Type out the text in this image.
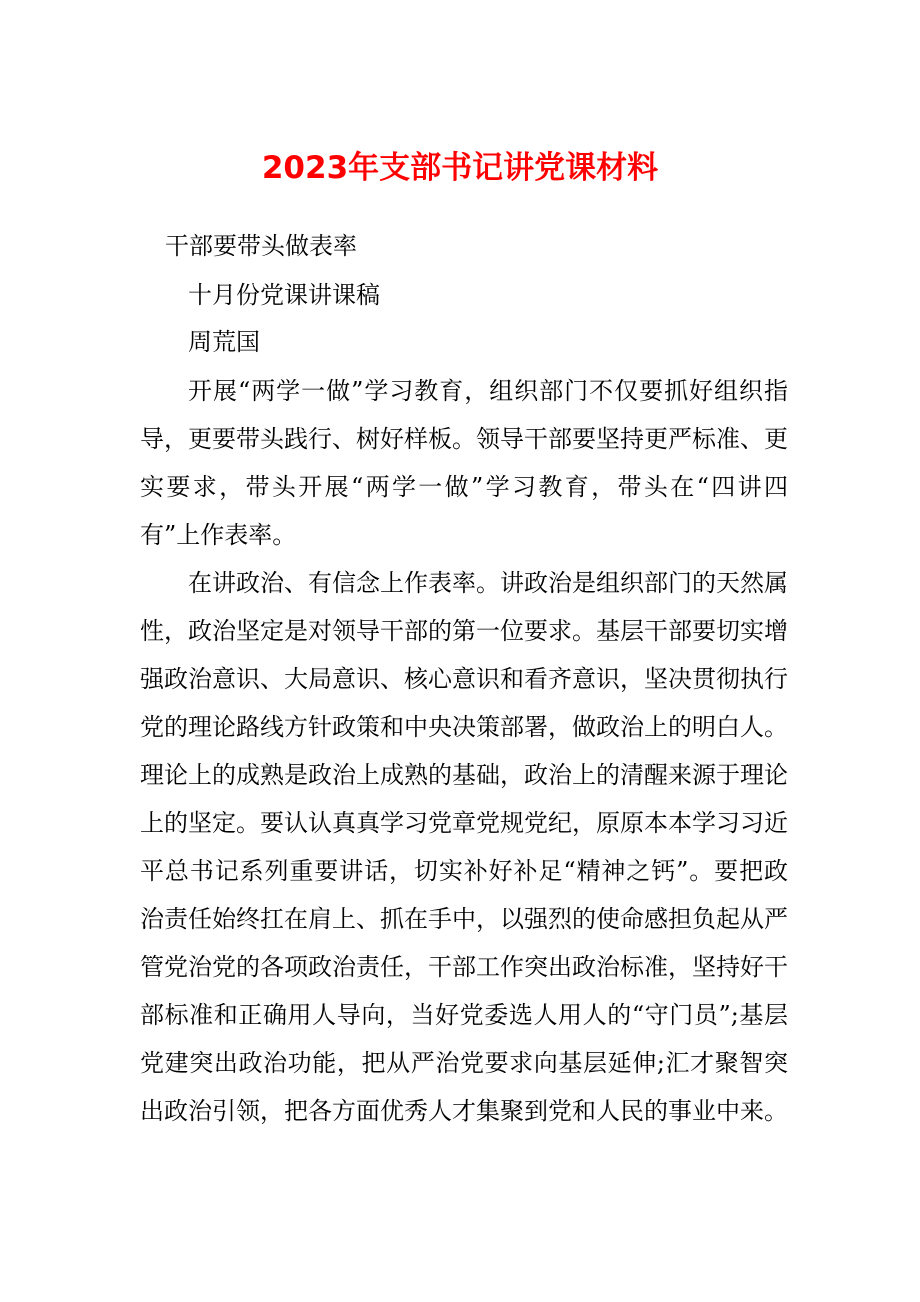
2023年支部书记讲党课材料

干部要带头做表率

十月份党课讲课稿

周荒国

开展“两学一做”学习教育，组织部门不仅要抓好组织指导，更要带头践行、树好样板。领导干部要坚持更严标准、更实要求，带头开展“两学一做”学习教育，带头在“四讲四有”上作表率。

在讲政治、有信念上作表率。讲政治是组织部门的天然属性，政治坚定是对领导干部的第一位要求。基层干部要切实增强政治意识、大局意识、核心意识和看齐意识，坚决贯彻执行党的理论路线方针政策和中央决策部署，做政治上的明白人。理论上的成熟是政治上成熟的基础，政治上的清醒来源于理论上的坚定。要认认真真学习党章党规党纪，原原本本学习习近平总书记系列重要讲话，切实补好补足“精神之钙”。要把政治责任始终扛在肩上、抓在手中，以强烈的使命感担负起从严管党治党的各项政治责任，干部工作突出政治标准，坚持好干部标准和正确用人导向，当好党委选人用人的“守门员”;基层党建突出政治功能，把从严治党要求向基层延伸;汇才聚智突出政治引领，把各方面优秀人才集聚到党和人民的事业中来。
